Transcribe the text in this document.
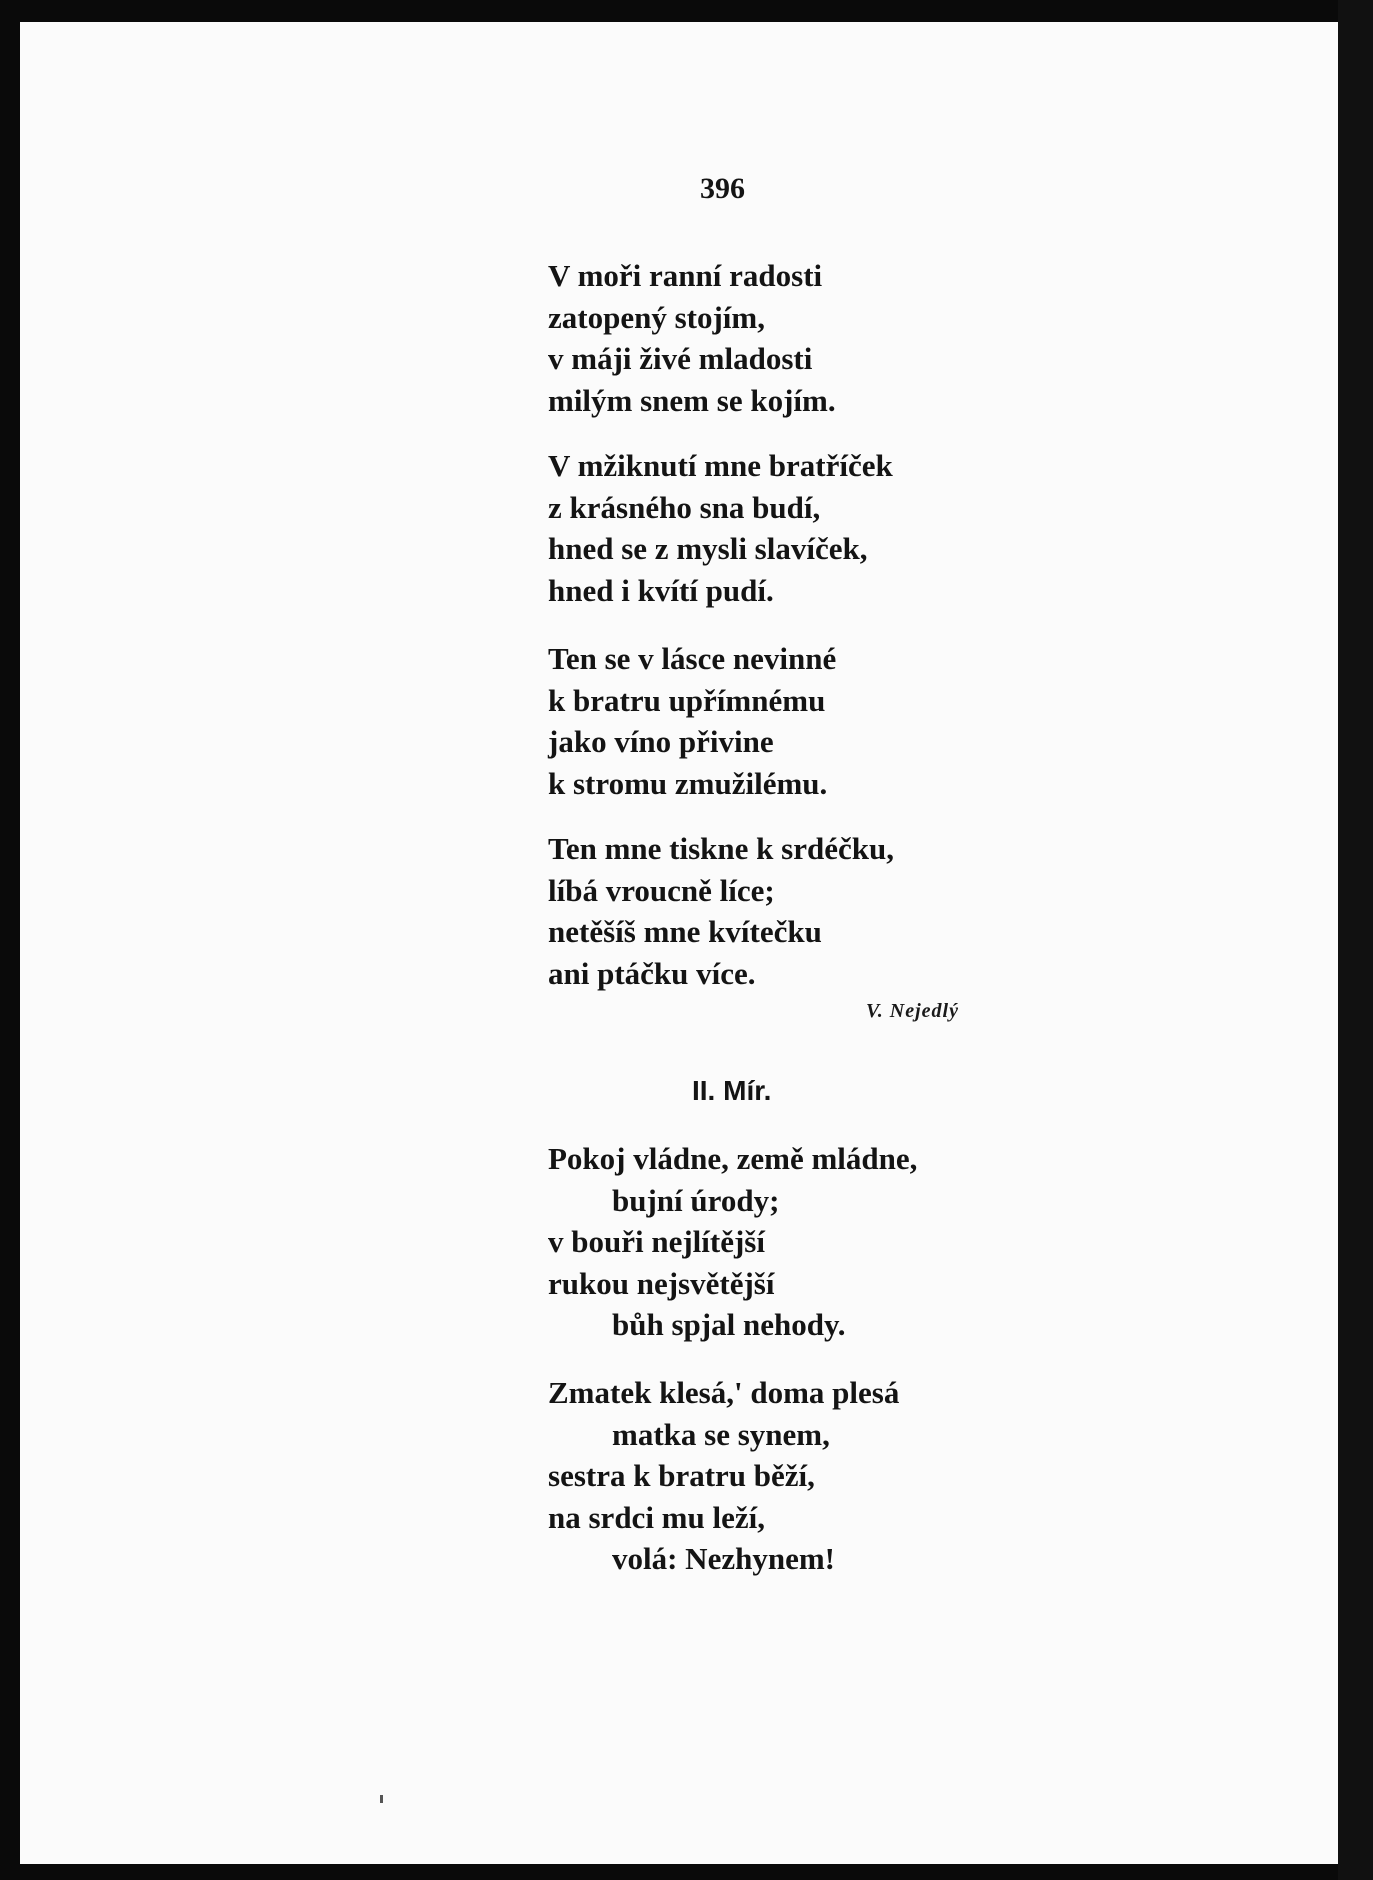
396
V moři ranní radosti
zatopený stojím,
v máji živé mladosti
milým snem se kojím.
V mžiknutí mne bratříček
z krásného sna budí,
hned se z mysli slavíček,
hned i kvítí pudí.
Ten se v lásce nevinné
k bratru upřímnému
jako víno přivine
k stromu zmužilému.
Ten mne tiskne k srdéčku,
líbá vroucně líce;
netěšíš mne kvítečku
ani ptáčku více.
V. Nejedlý
II. Mír.
Pokoj vládne, země mládne,
bujní úrody;
v bouři nejlítější
rukou nejsvětější
bůh spjal nehody.
Zmatek klesá,' doma plesá
matka se synem,
sestra k bratru běží,
na srdci mu leží,
volá: Nezhynem!
